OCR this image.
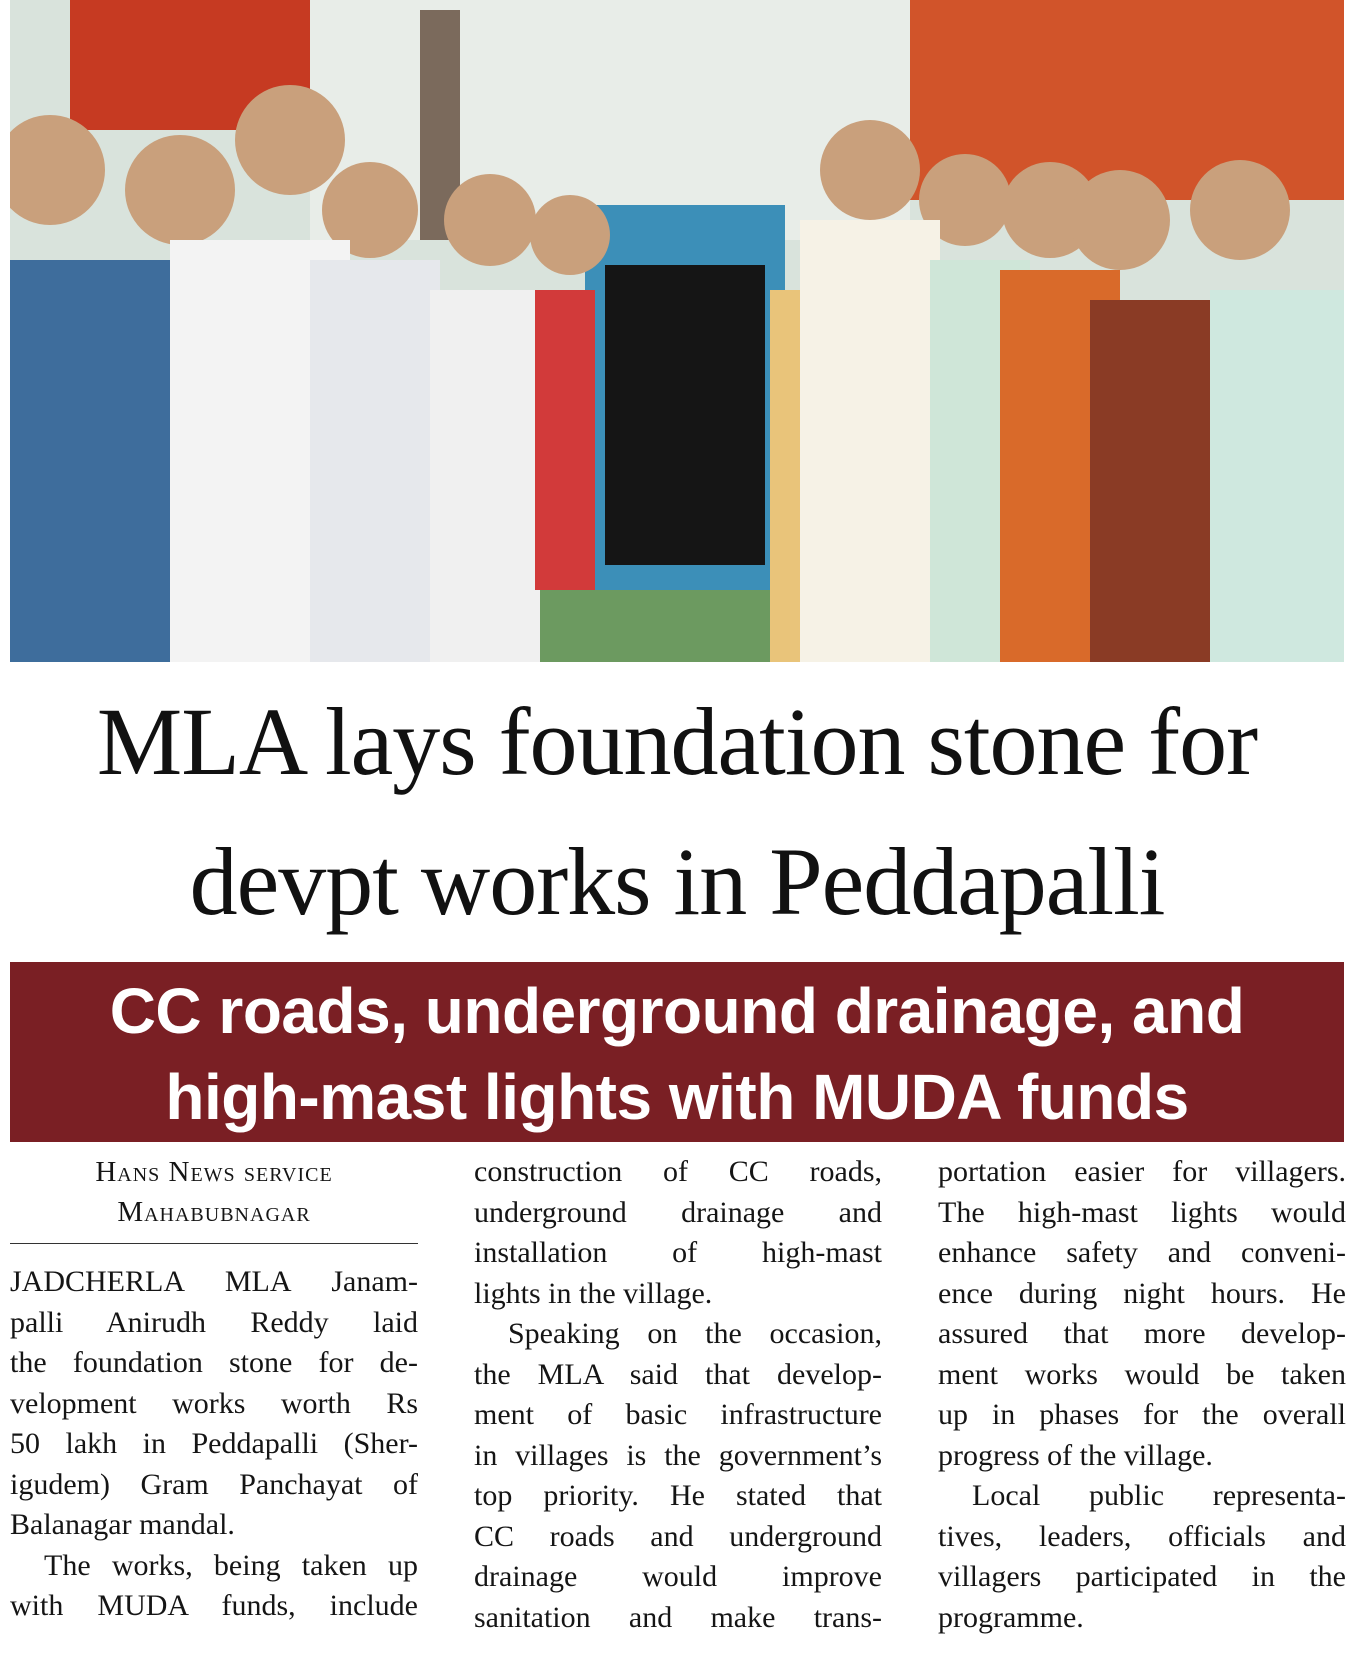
MLA lays foundation stone for
devpt works in Peddapalli
CC roads, underground drainage, and
high-mast lights with MUDA funds
Hans News service
Mahabubnagar
JADCHERLA MLA Janam-
palli Anirudh Reddy laid
the foundation stone for de-
velopment works worth Rs
50 lakh in Peddapalli (Sher-
igudem) Gram Panchayat of
Balanagar mandal.
The works, being taken up
with MUDA funds, include
construction of CC roads,
underground drainage and
installation of high-mast
lights in the village.
Speaking on the occasion,
the MLA said that develop-
ment of basic infrastructure
in villages is the government’s
top priority. He stated that
CC roads and underground
drainage would improve
sanitation and make trans-
portation easier for villagers.
The high-mast lights would
enhance safety and conveni-
ence during night hours. He
assured that more develop-
ment works would be taken
up in phases for the overall
progress of the village.
Local public representa-
tives, leaders, officials and
villagers participated in the
programme.
